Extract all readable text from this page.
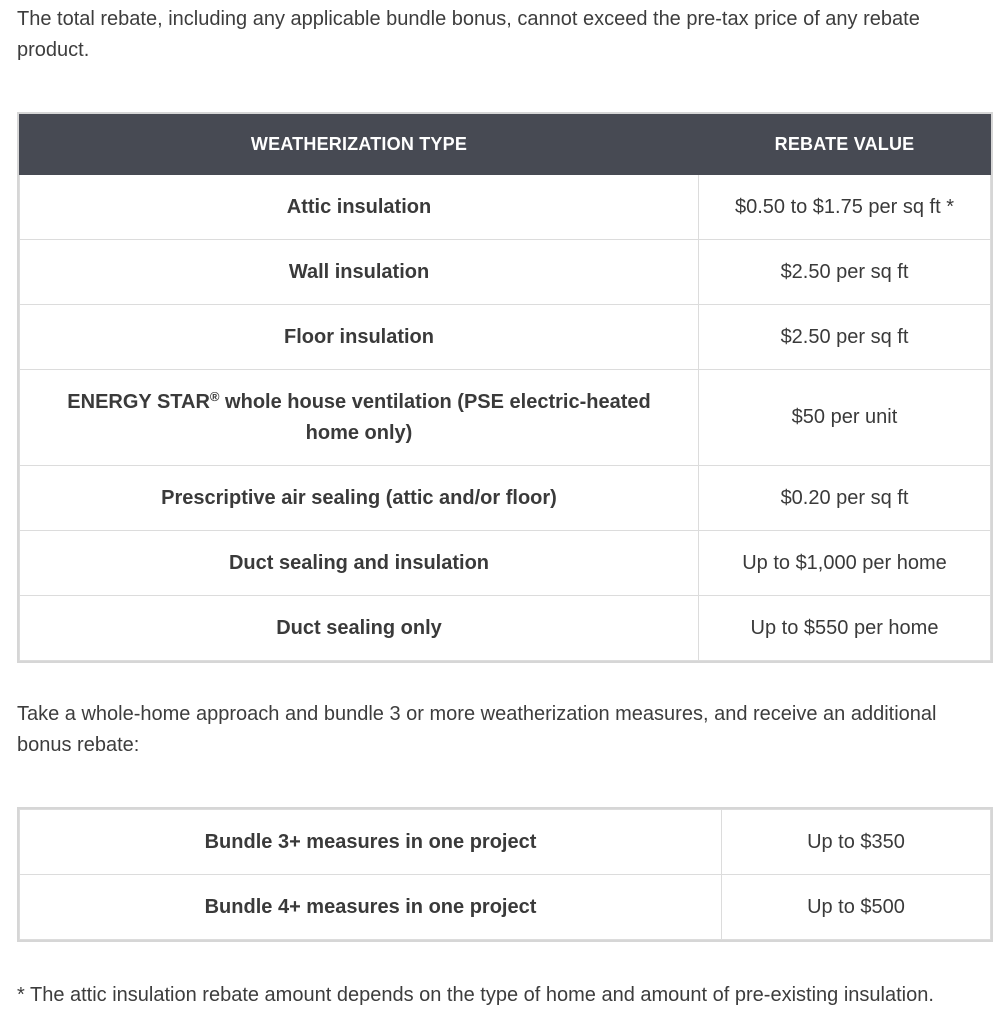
The total rebate, including any applicable bundle bonus, cannot exceed the pre-tax price of any rebate product.

WEATHERIZATION TYPE	REBATE VALUE
Attic insulation	$0.50 to $1.75 per sq ft *
Wall insulation	$2.50 per sq ft
Floor insulation	$2.50 per sq ft
ENERGY STAR® whole house ventilation (PSE electric-heated home only)	$50 per unit
Prescriptive air sealing (attic and/or floor)	$0.20 per sq ft
Duct sealing and insulation	Up to $1,000 per home
Duct sealing only	Up to $550 per home

Take a whole-home approach and bundle 3 or more weatherization measures, and receive an additional bonus rebate:

Bundle 3+ measures in one project	Up to $350
Bundle 4+ measures in one project	Up to $500

* The attic insulation rebate amount depends on the type of home and amount of pre-existing insulation.
